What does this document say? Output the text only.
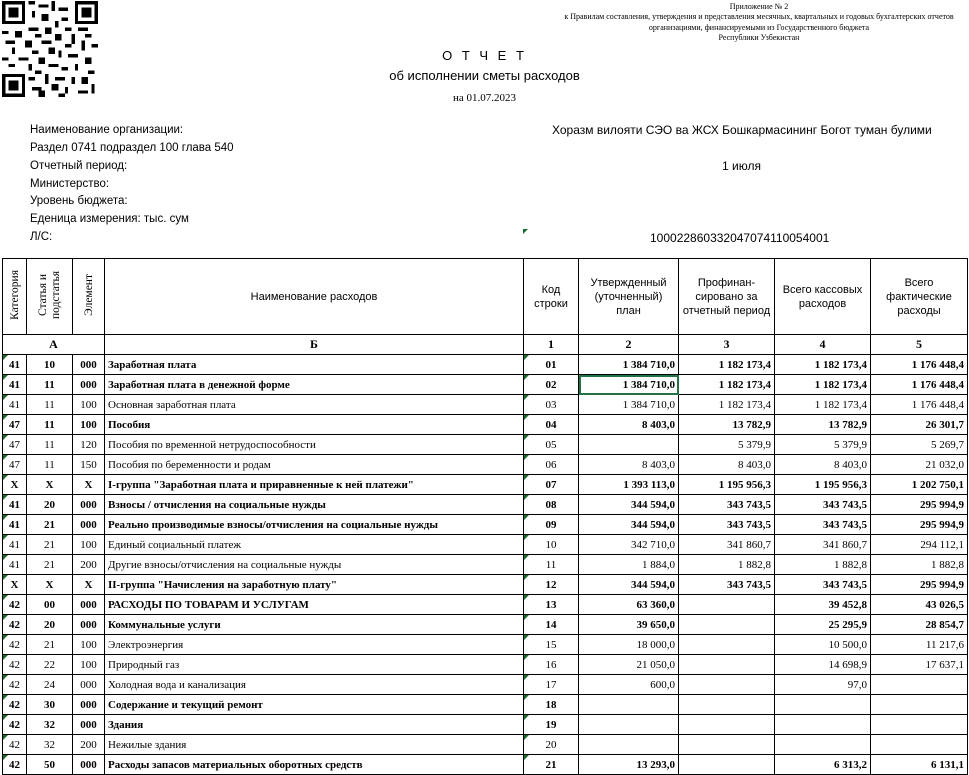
Приложение № 2
к Правилам составления, утверждения и представления месячных, квартальных и годовых бухгалтерских отчетов
организациями, финансируемыми из Государственного бюджета
Республики Узбекистан
О Т Ч Е Т
об исполнении сметы расходов
на 01.07.2023
Наименование организации:	Хоразм вилояти СЭО ва ЖСХ Бошкармасининг Богот туман булими
Раздел 0741 подраздел 100 глава 540
Отчетный период:	1 июля
Министерство:
Уровень бюджета:
Еденица измерения: тыс. сум
Л/С:	100022860332047074110054001
Категория	Статья и подстатья	Элемент	Наименование расходов	Код строки	Утвержденный (уточненный) план	Профинан-сировано за отчетный период	Всего кассовых расходов	Всего фактические расходы
А			Б	1	2	3	4	5
41	10	000	Заработная плата	01	1 384 710,0	1 182 173,4	1 182 173,4	1 176 448,4
41	11	000	Заработная плата в денежной форме	02	1 384 710,0	1 182 173,4	1 182 173,4	1 176 448,4
41	11	100	Основная заработная плата	03	1 384 710,0	1 182 173,4	1 182 173,4	1 176 448,4
47	11	100	Пособия	04	8 403,0	13 782,9	13 782,9	26 301,7
47	11	120	Пособия по временной нетрудоспособности	05		5 379,9	5 379,9	5 269,7
47	11	150	Пособия по беременности и родам	06	8 403,0	8 403,0	8 403,0	21 032,0
X	X	X	I-группа "Заработная плата и приравненные к ней платежи"	07	1 393 113,0	1 195 956,3	1 195 956,3	1 202 750,1
41	20	000	Взносы / отчисления на социальные нужды	08	344 594,0	343 743,5	343 743,5	295 994,9
41	21	000	Реально производимые взносы/отчисления на социальные нужды	09	344 594,0	343 743,5	343 743,5	295 994,9
41	21	100	Единый социальный платеж	10	342 710,0	341 860,7	341 860,7	294 112,1
41	21	200	Другие взносы/отчисления на социальные нужды	11	1 884,0	1 882,8	1 882,8	1 882,8
X	X	X	II-группа "Начисления на заработную плату"	12	344 594,0	343 743,5	343 743,5	295 994,9
42	00	000	РАСХОДЫ ПО ТОВАРАМ И УСЛУГАМ	13	63 360,0		39 452,8	43 026,5
42	20	000	Коммунальные услуги	14	39 650,0		25 295,9	28 854,7
42	21	100	Электроэнергия	15	18 000,0		10 500,0	11 217,6
42	22	100	Природный газ	16	21 050,0		14 698,9	17 637,1
42	24	000	Холодная вода и канализация	17	600,0		97,0	
42	30	000	Содержание и текущий ремонт	18

42	32	000	Здания	19

42	32	200	Нежилые здания	20

42	50	000	Расходы запасов материальных оборотных средств	21	13 293,0		6 313,2	6 131,1
